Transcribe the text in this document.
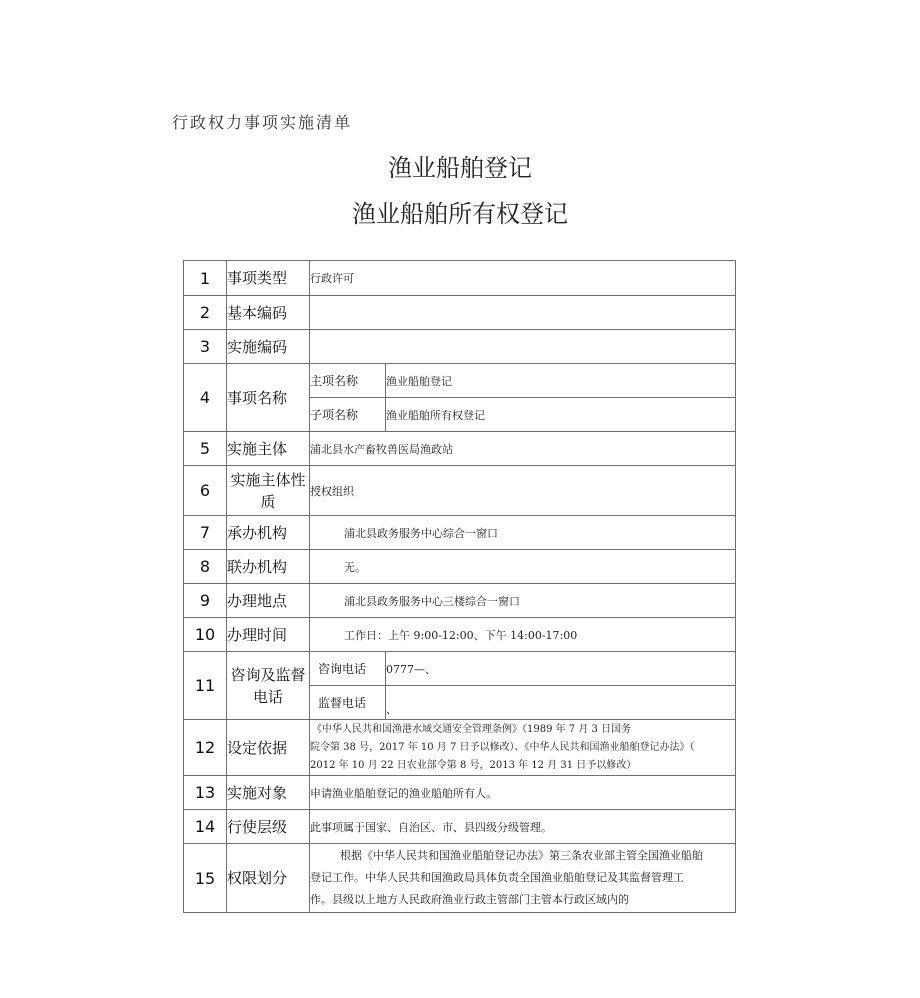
行政权力事项实施清单
渔业船舶登记
渔业船舶所有权登记
1	事项类型	行政许可	
2	基本编码		
3	实施编码		
4	事项名称	主项名称	渔业船舶登记
		子项名称	渔业船舶所有权登记
5	实施主体	浦北县水产畜牧兽医局渔政站	
6	实施主体性
质	授权组织	
7	承办机构	浦北县政务服务中心综合一窗口	
8	联办机构	无。	
9	办理地点	浦北县政务服务中心三楼综合一窗口	
10	办理时间	工作日：上午 9:00-12:00、下午 14:00-17:00	
11	咨询及监督
电话	咨询电话	0777—、
		监督电话	、
12	设定依据	《中华人民共和国渔港水域交通安全管理条例》（1989 年 7 月 3 日国务
院令第 38 号，2017 年 10 月 7 日予以修改）、《中华人民共和国渔业船舶登记办法》（
2012 年 10 月 22 日农业部令第 8 号，2013 年 12 月 31 日予以修改）	

13	实施对象	申请渔业船舶登记的渔业船舶所有人。	
14	行使层级	此事项属于国家、自治区、市、县四级分级管理。	
15	权限划分	根据《中华人民共和国渔业船舶登记办法》第三条农业部主管全国渔业船舶
登记工作。中华人民共和国渔政局具体负责全国渔业船舶登记及其监督管理工
作。县级以上地方人民政府渔业行政主管部门主管本行政区域内的	
